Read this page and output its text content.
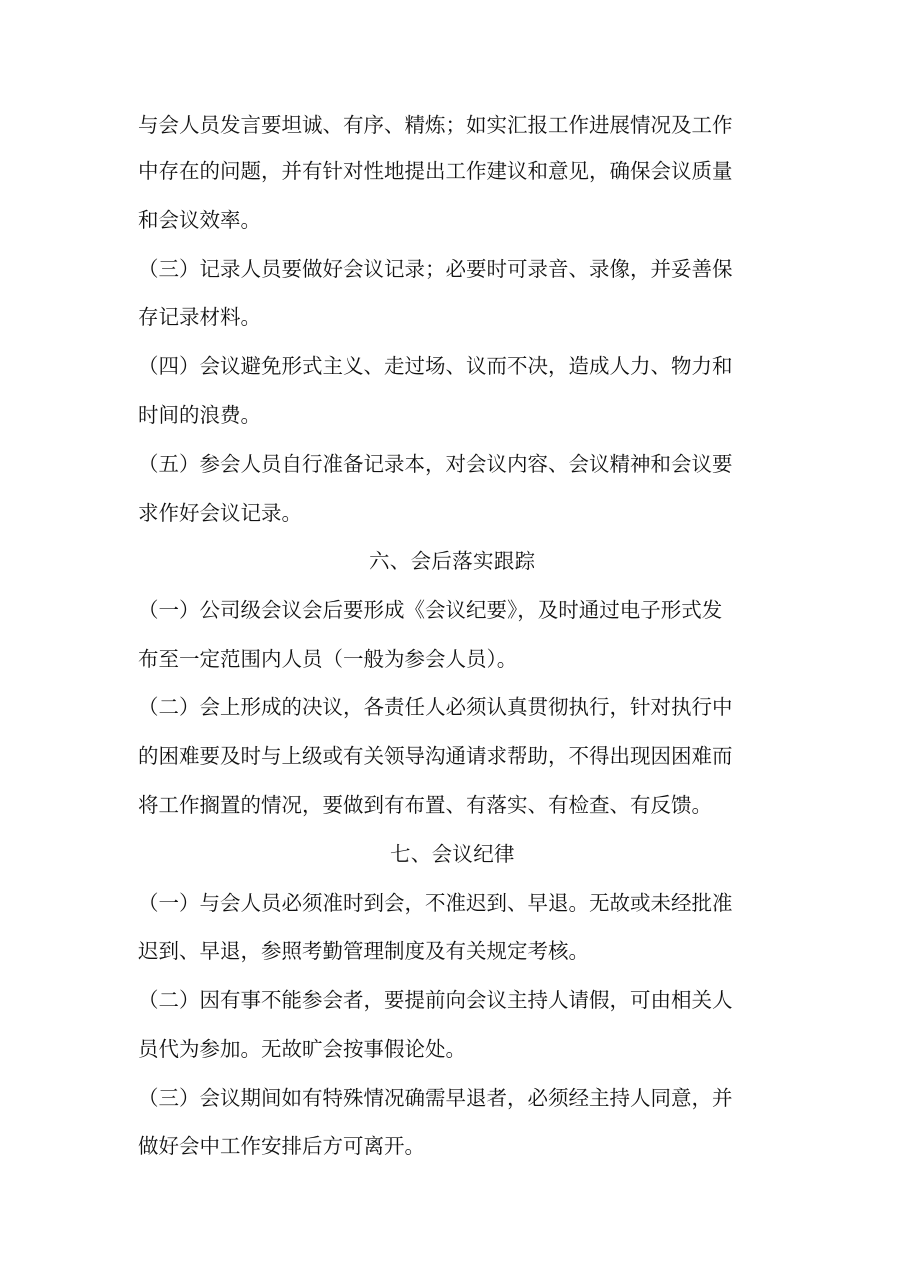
与会人员发言要坦诚、有序、精炼；如实汇报工作进展情况及工作
中存在的问题，并有针对性地提出工作建议和意见，确保会议质量
和会议效率。
（三）记录人员要做好会议记录；必要时可录音、录像，并妥善保
存记录材料。
（四）会议避免形式主义、走过场、议而不决，造成人力、物力和
时间的浪费。
（五）参会人员自行准备记录本，对会议内容、会议精神和会议要
求作好会议记录。
六、会后落实跟踪
（一）公司级会议会后要形成《会议纪要》，及时通过电子形式发
布至一定范围内人员（一般为参会人员）。
（二）会上形成的决议，各责任人必须认真贯彻执行，针对执行中
的困难要及时与上级或有关领导沟通请求帮助，不得出现因困难而
将工作搁置的情况，要做到有布置、有落实、有检查、有反馈。
七、会议纪律
（一）与会人员必须准时到会，不准迟到、早退。无故或未经批准
迟到、早退，参照考勤管理制度及有关规定考核。
（二）因有事不能参会者，要提前向会议主持人请假，可由相关人
员代为参加。无故旷会按事假论处。
（三）会议期间如有特殊情况确需早退者，必须经主持人同意，并
做好会中工作安排后方可离开。
